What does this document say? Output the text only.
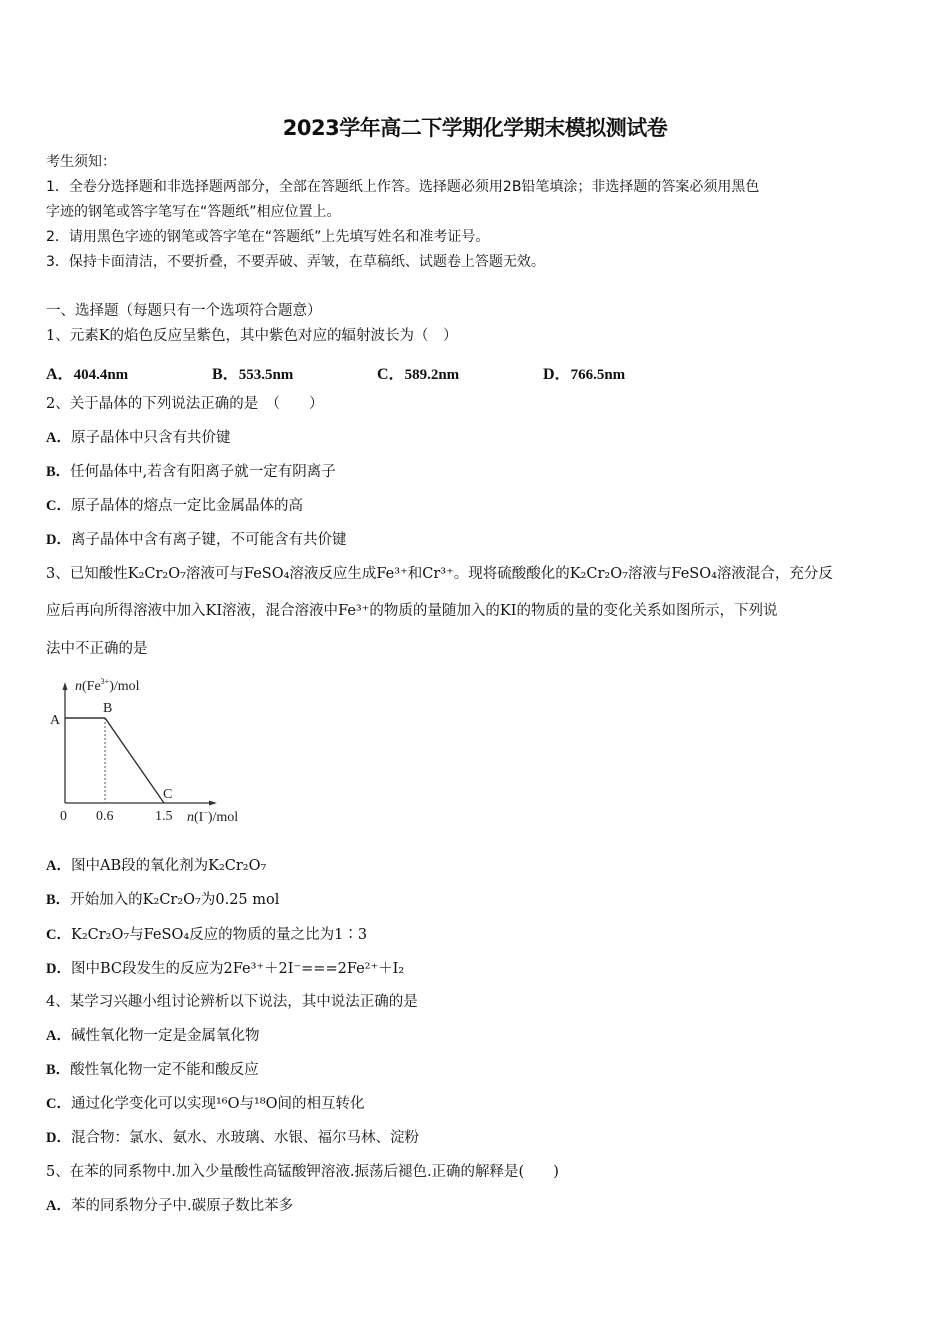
2023学年高二下学期化学期末模拟测试卷
考生须知：
1．全卷分选择题和非选择题两部分，全部在答题纸上作答。选择题必须用2B铅笔填涂；非选择题的答案必须用黑色
字迹的钢笔或答字笔写在“答题纸”相应位置上。
2．请用黑色字迹的钢笔或答字笔在“答题纸”上先填写姓名和准考证号。
3．保持卡面清洁，不要折叠，不要弄破、弄皱，在草稿纸、试题卷上答题无效。
一、选择题（每题只有一个选项符合题意）
1、元素K的焰色反应呈紫色，其中紫色对应的辐射波长为（　）
A．404.4nm	B．553.5nm	C．589.2nm	D．766.5nm
2、关于晶体的下列说法正确的是　（　　）
A．原子晶体中只含有共价键
B．任何晶体中,若含有阳离子就一定有阴离子
C．原子晶体的熔点一定比金属晶体的高
D．离子晶体中含有离子键，不可能含有共价键
3、已知酸性K₂Cr₂O₇溶液可与FeSO₄溶液反应生成Fe³⁺和Cr³⁺。现将硫酸酸化的K₂Cr₂O₇溶液与FeSO₄溶液混合，充分反
应后再向所得溶液中加入KI溶液，混合溶液中Fe³⁺的物质的量随加入的KI的物质的量的变化关系如图所示，下列说
法中不正确的是
$n(Fe^{3+})$/mol
A
B
C
0 0.6	1.5 n(I−)/mol
A．图中AB段的氧化剂为K₂Cr₂O₇
B．开始加入的K₂Cr₂O₇为0.25 mol
C．K₂Cr₂O₇与FeSO₄反应的物质的量之比为1∶3
D．图中BC段发生的反应为2Fe³⁺＋2I⁻===2Fe²⁺＋I₂
4、某学习兴趣小组讨论辨析以下说法，其中说法正确的是
A．碱性氧化物一定是金属氧化物
B．酸性氧化物一定不能和酸反应
C．通过化学变化可以实现¹⁶O与¹⁸O间的相互转化
D．混合物：氯水、氨水、水玻璃、水银、福尔马林、淀粉
5、在苯的同系物中.加入少量酸性高锰酸钾溶液.振荡后褪色.正确的解释是(　　)
A．苯的同系物分子中.碳原子数比苯多
